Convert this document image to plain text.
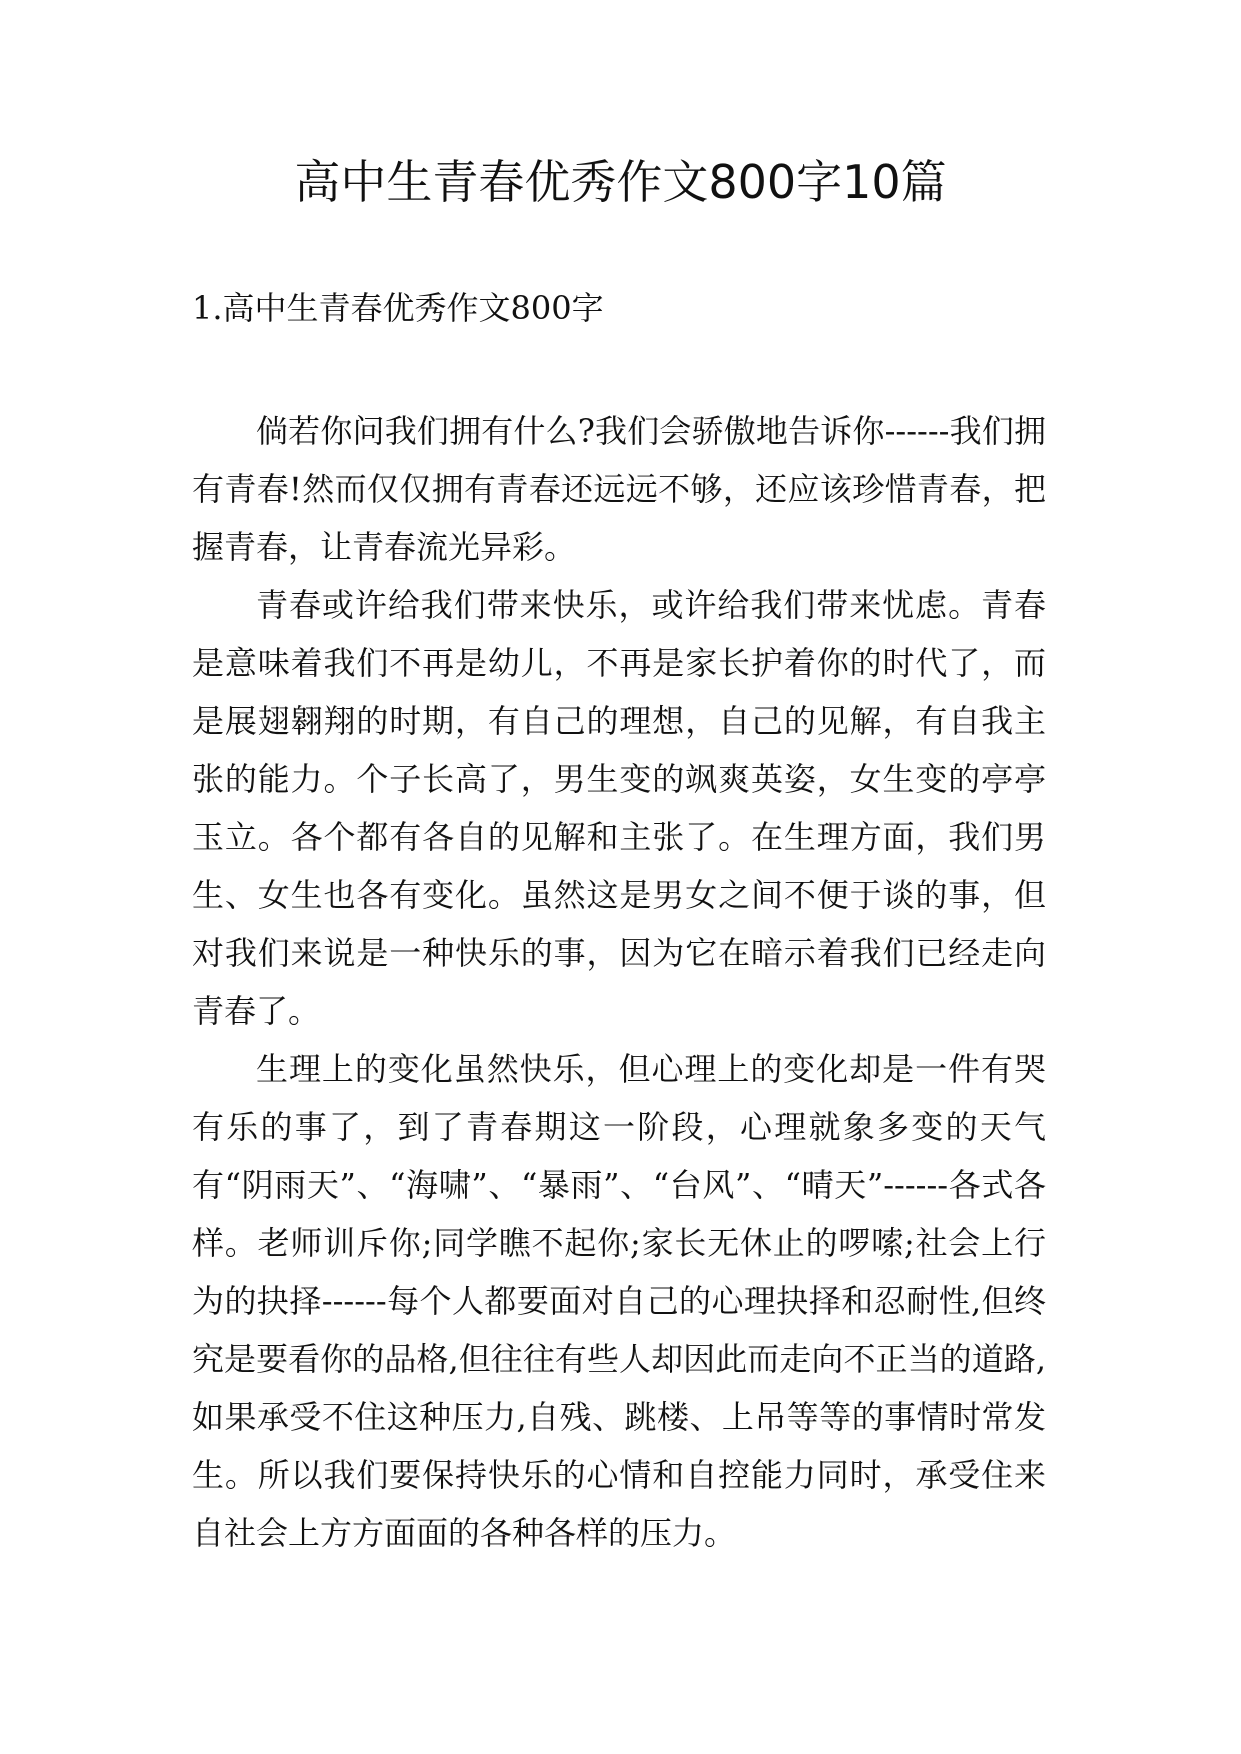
高中生青春优秀作文800字10篇
1.高中生青春优秀作文800字

倘若你问我们拥有什么?我们会骄傲地告诉你------我们拥有青春!然而仅仅拥有青春还远远不够，还应该珍惜青春，把握青春，让青春流光异彩。

青春或许给我们带来快乐，或许给我们带来忧虑。青春是意味着我们不再是幼儿，不再是家长护着你的时代了，而是展翅翱翔的时期，有自己的理想，自己的见解，有自我主张的能力。个子长高了，男生变的飒爽英姿，女生变的亭亭玉立。各个都有各自的见解和主张了。在生理方面，我们男生、女生也各有变化。虽然这是男女之间不便于谈的事，但对我们来说是一种快乐的事，因为它在暗示着我们已经走向青春了。

生理上的变化虽然快乐，但心理上的变化却是一件有哭有乐的事了，到了青春期这一阶段，心理就象多变的天气有“阴雨天”、“海啸”、“暴雨”、“台风”、“晴天”------各式各样。老师训斥你;同学瞧不起你;家长无休止的啰嗦;社会上行为的抉择------每个人都要面对自己的心理抉择和忍耐性,但终究是要看你的品格,但往往有些人却因此而走向不正当的道路,如果承受不住这种压力,自残、跳楼、上吊等等的事情时常发生。所以我们要保持快乐的心情和自控能力同时，承受住来自社会上方方面面的各种各样的压力。
